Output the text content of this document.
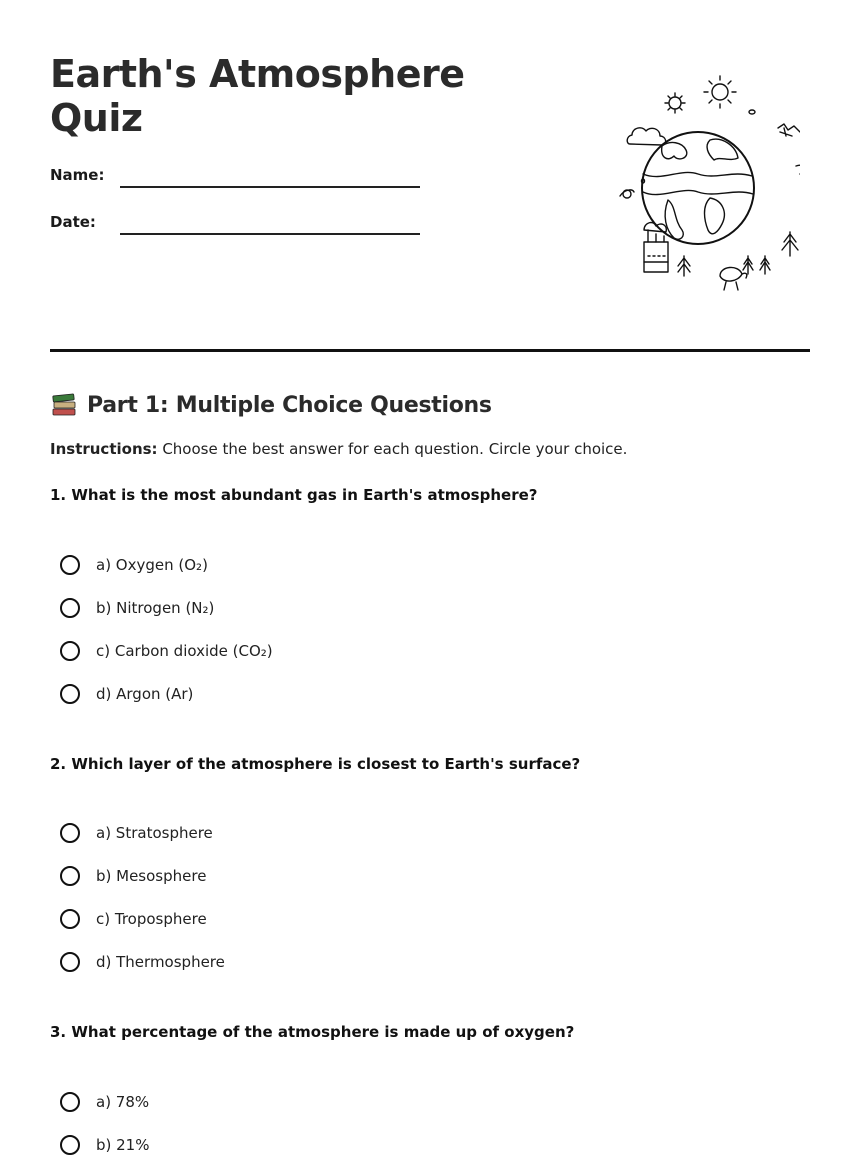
Earth's Atmosphere Quiz
Name:
Date:
Part 1: Multiple Choice Questions
Instructions: Choose the best answer for each question. Circle your choice.
1. What is the most abundant gas in Earth's atmosphere?
a) Oxygen (O₂)
b) Nitrogen (N₂)
c) Carbon dioxide (CO₂)
d) Argon (Ar)
2. Which layer of the atmosphere is closest to Earth's surface?
a) Stratosphere
b) Mesosphere
c) Troposphere
d) Thermosphere
3. What percentage of the atmosphere is made up of oxygen?
a) 78%
b) 21%
